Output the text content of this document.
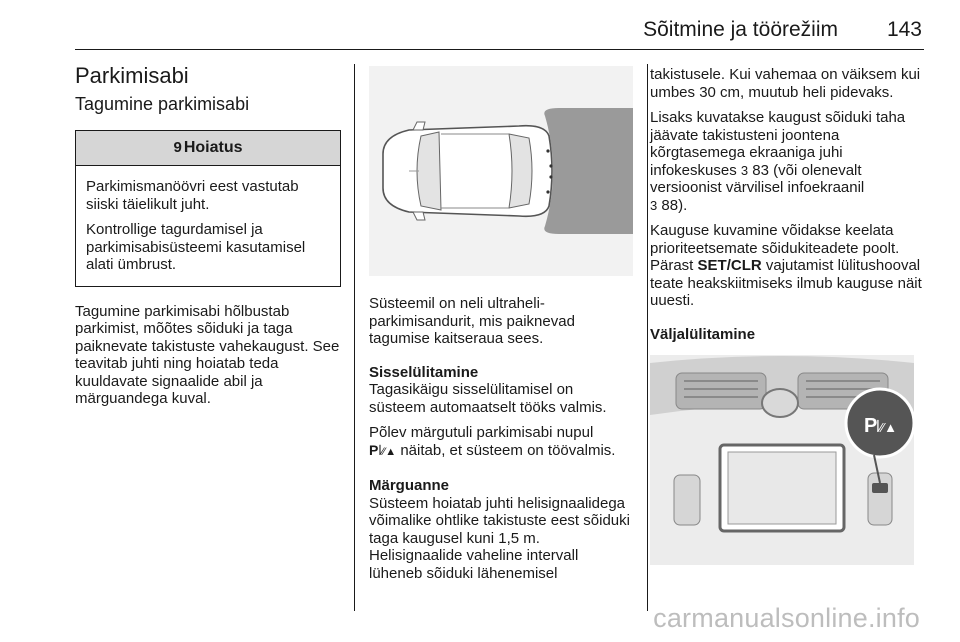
Sõitmine ja töörežiim 143
Parkimisabi
Tagumine parkimisabi
9 Hoiatus

Parkimismanöövri eest vastutab siiski täielikult juht.

Kontrollige tagurdamisel ja parkimisabisüsteemi kasutamisel alati ümbrust.

Tagumine parkimisabi hõlbustab parkimist, mõõtes sõiduki ja taga paiknevate takistuste vahekaugust. See teavitab juhti ning hoiatab teda kuuldavate signaalide abil ja märguandega kuval.

Süsteemil on neli ultraheli-parkimisandurit, mis paiknevad tagumise kaitseraua sees.

Sisselülitamine

Tagasikäigu sisselülitamisel on süsteem automaatselt tööks valmis.

Põlev märgutuli parkimisabi nupul
Pꟾ⁄⁄▲ näitab, et süsteem on töövalmis.

Märguanne

Süsteem hoiatab juhti helisignaalidega võimalike ohtlike takistuste eest sõiduki taga kaugusel kuni 1,5 m. Helisignaalide vaheline intervall lüheneb sõiduki lähenemisel

takistusele. Kui vahemaa on väiksem kui umbes 30 cm, muutub heli pidevaks.

Lisaks kuvatakse kaugust sõiduki taha jäävate takistusteni joontena kõrgtasemega ekraaniga juhi infokeskuses 3 83 (või olenevalt versioonist värvilisel infoekraanil
3 88).

Kauguse kuvamine võidakse keelata prioriteetsemate sõidukiteadete poolt. Pärast SET/CLR vajutamist lülitushooval teate heakskiitmiseks ilmub kauguse näit uuesti.

Väljalülitamine

P
ꟾ⁄⁄▲
carmanualsonline.info
